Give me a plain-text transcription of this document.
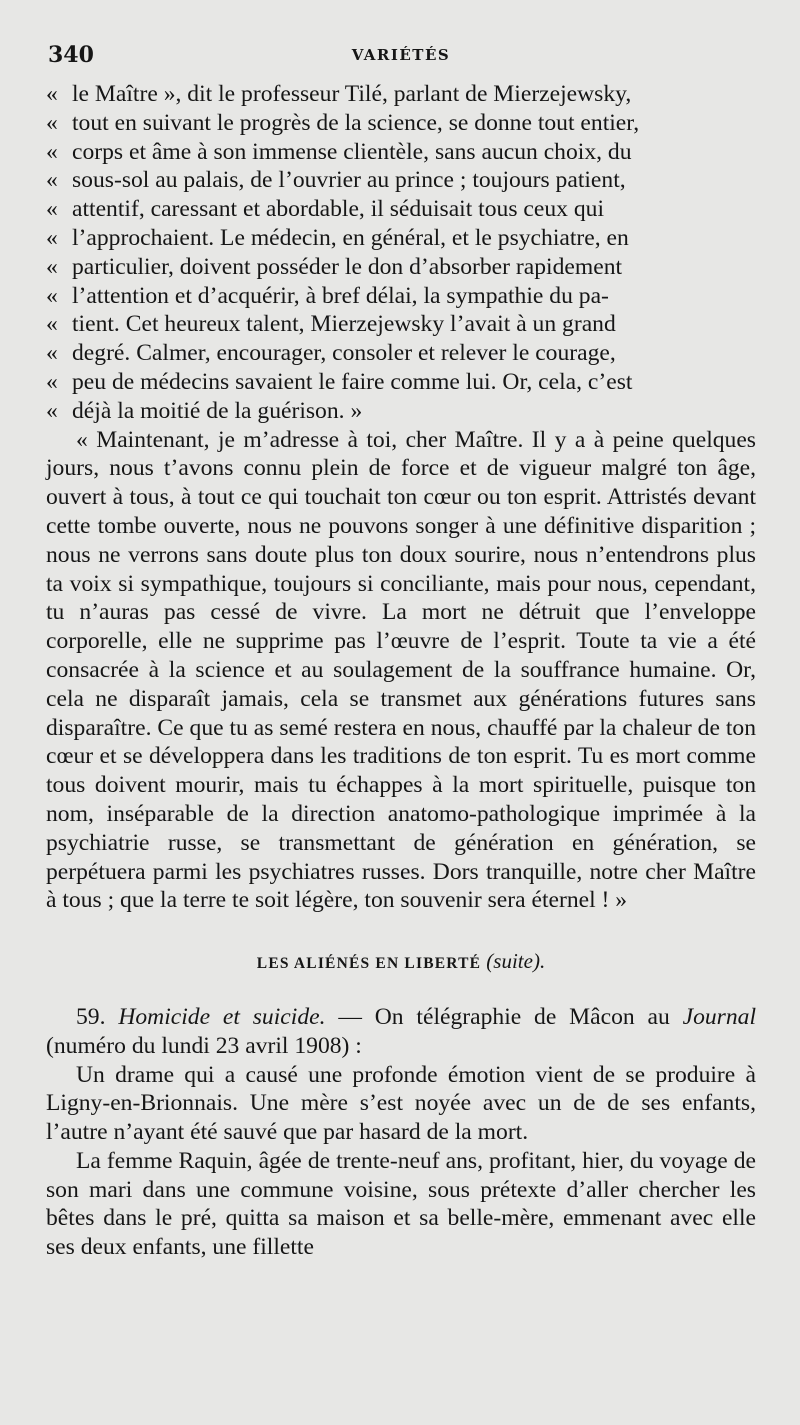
340	VARIÉTÉS

« le Maître », dit le professeur Tilé, parlant de Mierzejewsky,

« tout en suivant le progrès de la science, se donne tout entier,

« corps et âme à son immense clientèle, sans aucun choix, du

« sous-sol au palais, de l’ouvrier au prince ; toujours patient,

« attentif, caressant et abordable, il séduisait tous ceux qui

« l’approchaient. Le médecin, en général, et le psychiatre, en

« particulier, doivent posséder le don d’absorber rapidement

« l’attention et d’acquérir, à bref délai, la sympathie du pa-

« tient. Cet heureux talent, Mierzejewsky l’avait à un grand

« degré. Calmer, encourager, consoler et relever le courage,

« peu de médecins savaient le faire comme lui. Or, cela, c’est

« déjà la moitié de la guérison. »

« Maintenant, je m’adresse à toi, cher Maître. Il y a à peine quelques jours, nous t’avons connu plein de force et de vigueur malgré ton âge, ouvert à tous, à tout ce qui touchait ton cœur ou ton esprit. Attristés devant cette tombe ouverte, nous ne pouvons songer à une définitive disparition ; nous ne verrons sans doute plus ton doux sourire, nous n’entendrons plus ta voix si sympathique, toujours si conciliante, mais pour nous, cependant, tu n’auras pas cessé de vivre. La mort ne détruit que l’enveloppe corporelle, elle ne supprime pas l’œuvre de l’esprit. Toute ta vie a été consacrée à la science et au soulagement de la souffrance humaine. Or, cela ne disparaît jamais, cela se transmet aux générations futures sans disparaître. Ce que tu as semé restera en nous, chauffé par la chaleur de ton cœur et se développera dans les traditions de ton esprit. Tu es mort comme tous doivent mourir, mais tu échappes à la mort spirituelle, puisque ton nom, inséparable de la direction anatomo-pathologique imprimée à la psychiatrie russe, se transmettant de génération en génération, se perpétuera parmi les psychiatres russes. Dors tranquille, notre cher Maître à tous ; que la terre te soit légère, ton souvenir sera éternel ! »

LES ALIÉNÉS EN LIBERTÉ (suite).

59. Homicide et suicide. — On télégraphie de Mâcon au Journal (numéro du lundi 23 avril 1908) :

Un drame qui a causé une profonde émotion vient de se produire à Ligny-en-Brionnais. Une mère s’est noyée avec un de de ses enfants, l’autre n’ayant été sauvé que par hasard de la mort.

La femme Raquin, âgée de trente-neuf ans, profitant, hier, du voyage de son mari dans une commune voisine, sous prétexte d’aller chercher les bêtes dans le pré, quitta sa maison et sa belle-mère, emmenant avec elle ses deux enfants, une fillette
